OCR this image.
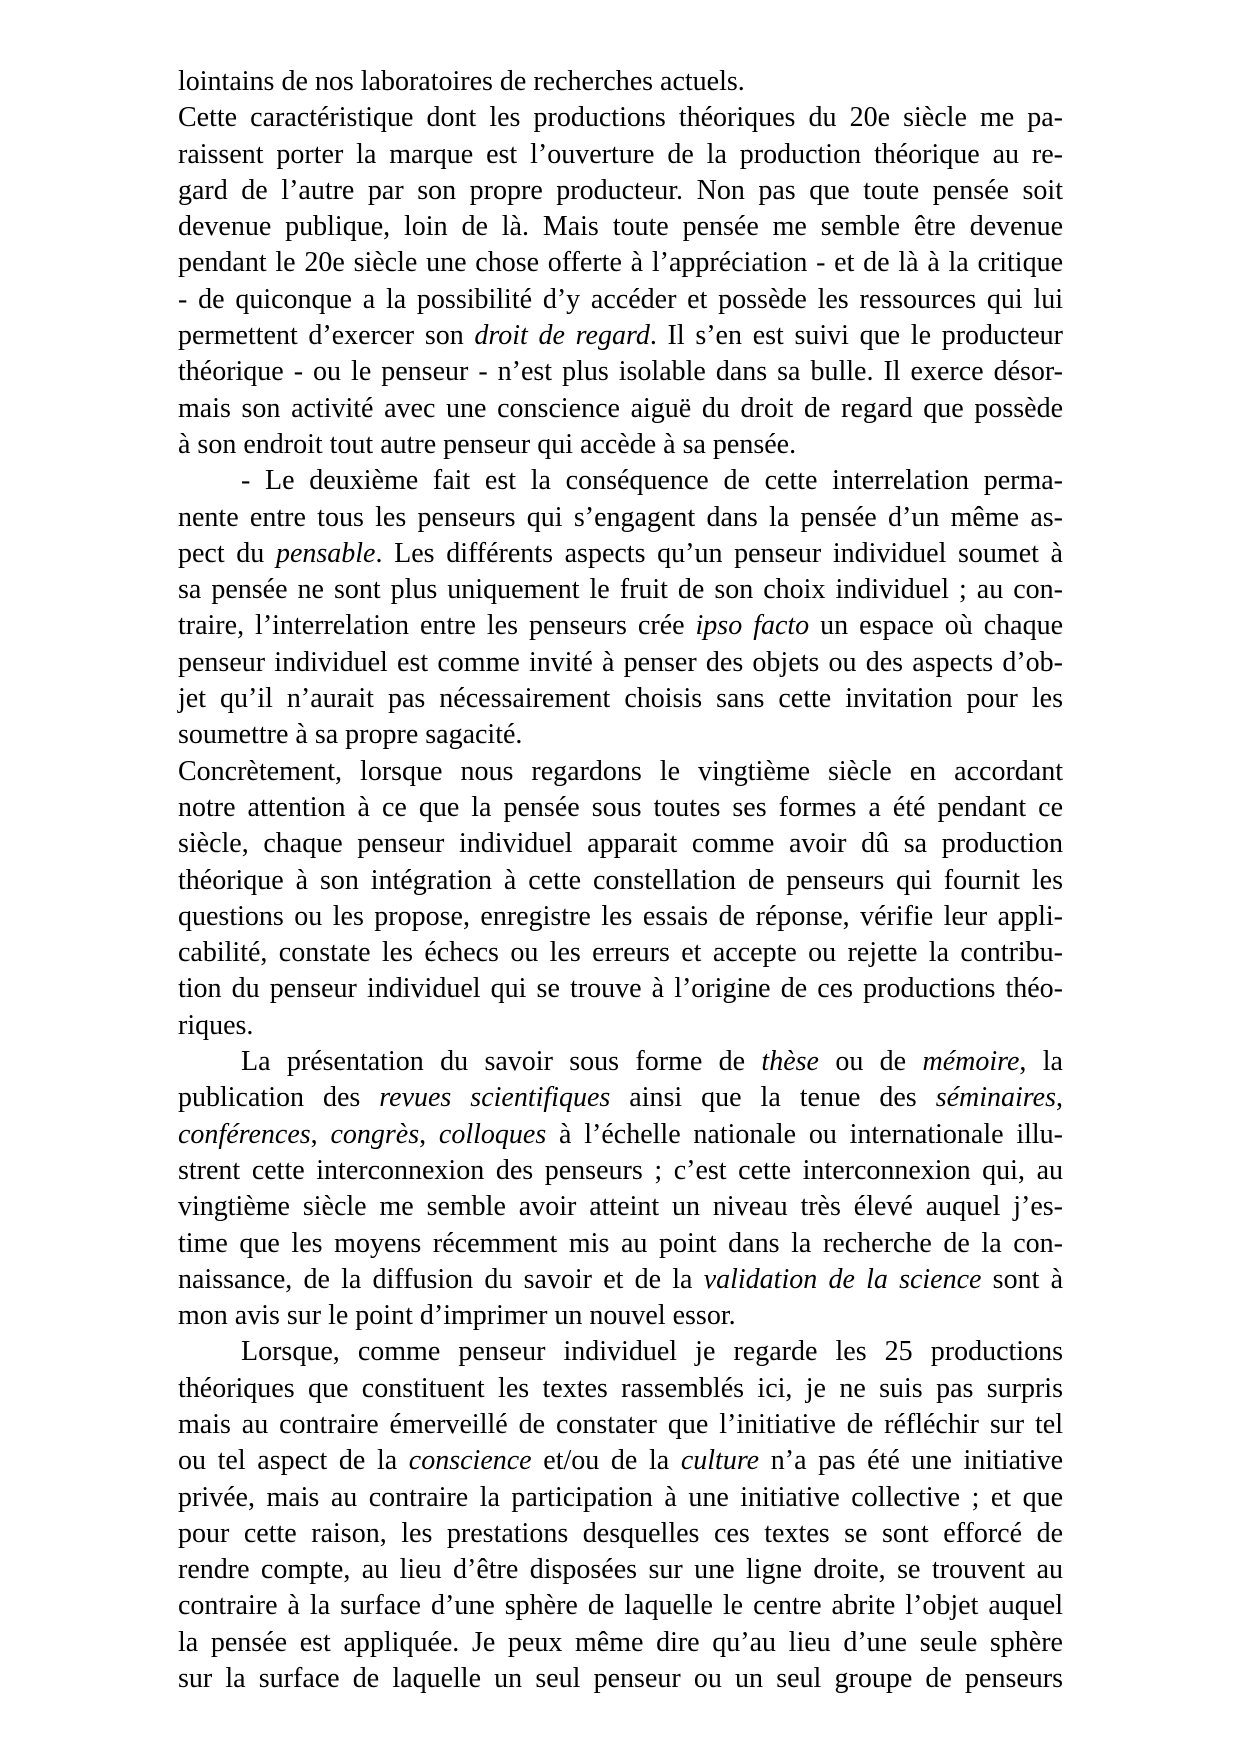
lointains de nos laboratoires de recherches actuels.

Cette caractéristique dont les productions théoriques du 20e siècle me pa-
raissent porter la marque est l’ouverture de la production théorique au re-
gard de l’autre par son propre producteur. Non pas que toute pensée soit
devenue publique, loin de là. Mais toute pensée me semble être devenue
pendant le 20e siècle une chose offerte à l’appréciation - et de là à la critique
- de quiconque a la possibilité d’y accéder et possède les ressources qui lui
permettent d’exercer son droit de regard. Il s’en est suivi que le producteur
théorique - ou le penseur - n’est plus isolable dans sa bulle. Il exerce désor-
mais son activité avec une conscience aiguë du droit de regard que possède
à son endroit tout autre penseur qui accède à sa pensée.

- Le deuxième fait est la conséquence de cette interrelation perma-
nente entre tous les penseurs qui s’engagent dans la pensée d’un même as-
pect du pensable. Les différents aspects qu’un penseur individuel soumet à
sa pensée ne sont plus uniquement le fruit de son choix individuel ; au con-
traire, l’interrelation entre les penseurs crée ipso facto un espace où chaque
penseur individuel est comme invité à penser des objets ou des aspects d’ob-
jet qu’il n’aurait pas nécessairement choisis sans cette invitation pour les
soumettre à sa propre sagacité.

Concrètement, lorsque nous regardons le vingtième siècle en accordant
notre attention à ce que la pensée sous toutes ses formes a été pendant ce
siècle, chaque penseur individuel apparait comme avoir dû sa production
théorique à son intégration à cette constellation de penseurs qui fournit les
questions ou les propose, enregistre les essais de réponse, vérifie leur appli-
cabilité, constate les échecs ou les erreurs et accepte ou rejette la contribu-
tion du penseur individuel qui se trouve à l’origine de ces productions théo-
riques.

La présentation du savoir sous forme de thèse ou de mémoire, la
publication des revues scientifiques ainsi que la tenue des séminaires,
conférences, congrès, colloques à l’échelle nationale ou internationale illu-
strent cette interconnexion des penseurs ; c’est cette interconnexion qui, au
vingtième siècle me semble avoir atteint un niveau très élevé auquel j’es-
time que les moyens récemment mis au point dans la recherche de la con-
naissance, de la diffusion du savoir et de la validation de la science sont à
mon avis sur le point d’imprimer un nouvel essor.

Lorsque, comme penseur individuel je regarde les 25 productions
théoriques que constituent les textes rassemblés ici, je ne suis pas surpris
mais au contraire émerveillé de constater que l’initiative de réfléchir sur tel
ou tel aspect de la conscience et/ou de la culture n’a pas été une initiative
privée, mais au contraire la participation à une initiative collective ; et que
pour cette raison, les prestations desquelles ces textes se sont efforcé de
rendre compte, au lieu d’être disposées sur une ligne droite, se trouvent au
contraire à la surface d’une sphère de laquelle le centre abrite l’objet auquel
la pensée est appliquée. Je peux même dire qu’au lieu d’une seule sphère
sur la surface de laquelle un seul penseur ou un seul groupe de penseurs
